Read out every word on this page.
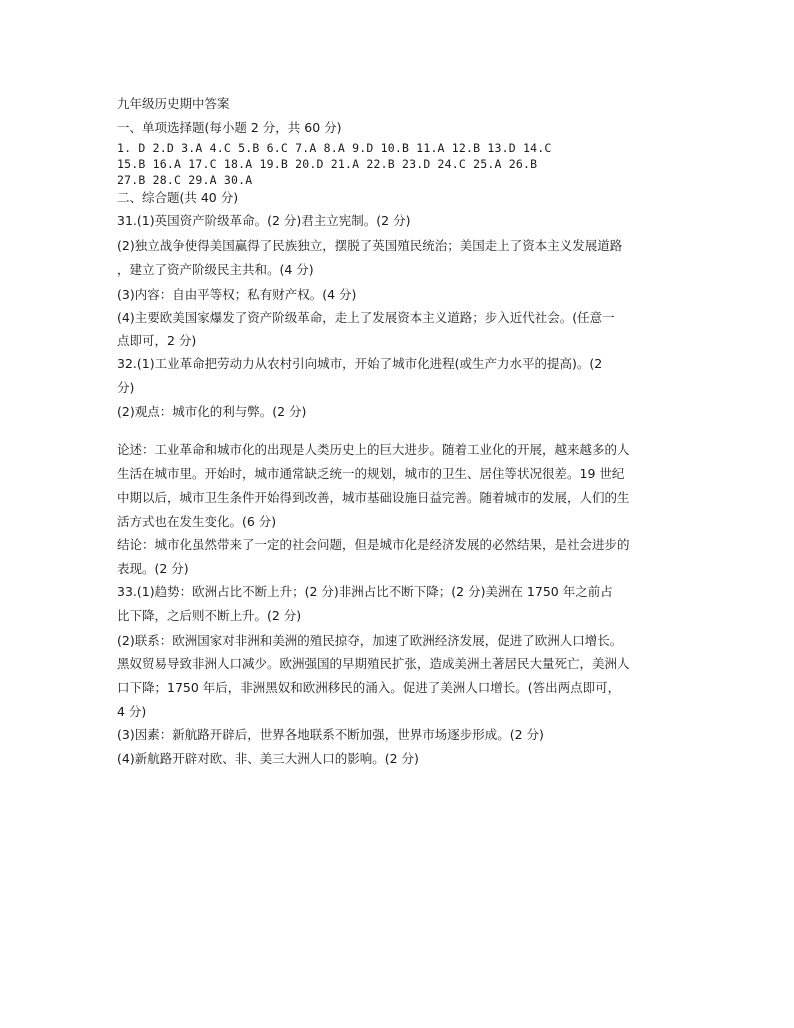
九年级历史期中答案
一、单项选择题(每小题 2 分，共 60 分)
1. D 2.D 3.A 4.C 5.B 6.C 7.A 8.A 9.D 10.B 11.A 12.B 13.D 14.C
15.B 16.A 17.C 18.A 19.B 20.D 21.A 22.B 23.D 24.C 25.A 26.B
27.B 28.C 29.A 30.A
二、综合题(共 40 分)
31.(1)英国资产阶级革命。(2 分)君主立宪制。(2 分)
(2)独立战争使得美国赢得了民族独立，摆脱了英国殖民统治；美国走上了资本主义发展道路
，建立了资产阶级民主共和。(4 分)
(3)内容：自由平等权；私有财产权。(4 分)
(4)主要欧美国家爆发了资产阶级革命，走上了发展资本主义道路；步入近代社会。(任意一
点即可，2 分)
32.(1)工业革命把劳动力从农村引向城市，开始了城市化进程(或生产力水平的提高)。(2
分)
(2)观点：城市化的利与弊。(2 分)
论述：工业革命和城市化的出现是人类历史上的巨大进步。随着工业化的开展，越来越多的人
生活在城市里。开始时，城市通常缺乏统一的规划，城市的卫生、居住等状况很差。19 世纪
中期以后，城市卫生条件开始得到改善，城市基础设施日益完善。随着城市的发展，人们的生
活方式也在发生变化。(6 分)
结论：城市化虽然带来了一定的社会问题，但是城市化是经济发展的必然结果，是社会进步的
表现。(2 分)
33.(1)趋势：欧洲占比不断上升；(2 分)非洲占比不断下降；(2 分)美洲在 1750 年之前占
比下降，之后则不断上升。(2 分)
(2)联系：欧洲国家对非洲和美洲的殖民掠夺，加速了欧洲经济发展，促进了欧洲人口增长。
黑奴贸易导致非洲人口减少。欧洲强国的早期殖民扩张，造成美洲土著居民大量死亡，美洲人
口下降；1750 年后，非洲黑奴和欧洲移民的涌入。促进了美洲人口增长。(答出两点即可，
4 分)
(3)因素：新航路开辟后，世界各地联系不断加强，世界市场逐步形成。(2 分)
(4)新航路开辟对欧、非、美三大洲人口的影响。(2 分)
